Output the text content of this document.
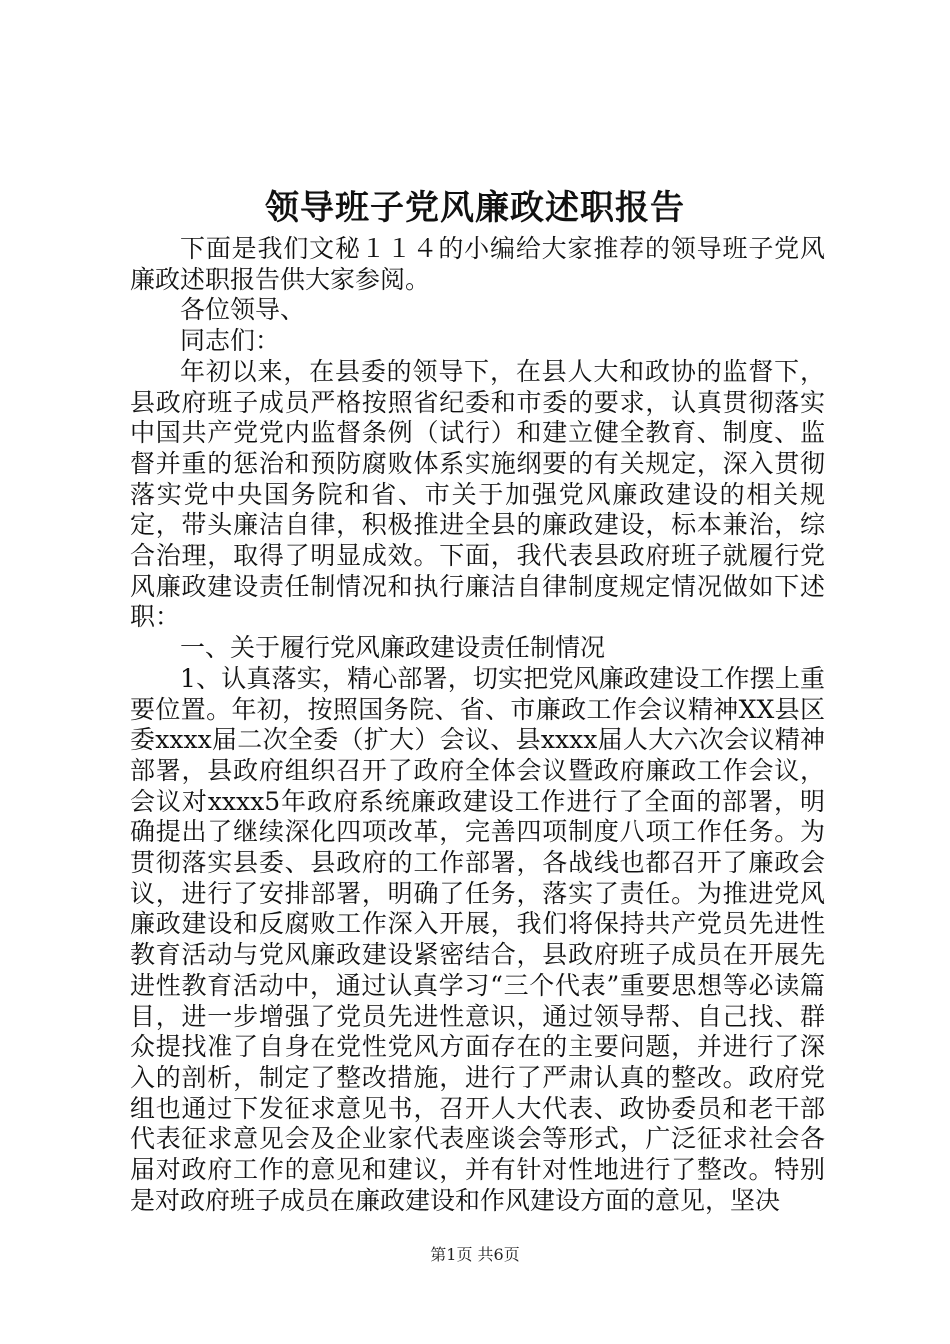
领导班子党风廉政述职报告

下面是我们文秘１１４的小编给大家推荐的领导班子党风廉政述职报告供大家参阅。

各位领导、

同志们：

年初以来，在县委的领导下，在县人大和政协的监督下，县政府班子成员严格按照省纪委和市委的要求，认真贯彻落实中国共产党党内监督条例（试行）和建立健全教育、制度、监督并重的惩治和预防腐败体系实施纲要的有关规定，深入贯彻落实党中央国务院和省、市关于加强党风廉政建设的相关规定，带头廉洁自律，积极推进全县的廉政建设，标本兼治，综合治理，取得了明显成效。下面，我代表县政府班子就履行党风廉政建设责任制情况和执行廉洁自律制度规定情况做如下述职：

一、关于履行党风廉政建设责任制情况

1、认真落实，精心部署，切实把党风廉政建设工作摆上重要位置。年初，按照国务院、省、市廉政工作会议精神XX县区委xxxx届二次全委（扩大）会议、县xxxx届人大六次会议精神部署，县政府组织召开了政府全体会议暨政府廉政工作会议，会议对xxxx5年政府系统廉政建设工作进行了全面的部署，明确提出了继续深化四项改革，完善四项制度八项工作任务。为贯彻落实县委、县政府的工作部署，各战线也都召开了廉政会议，进行了安排部署，明确了任务，落实了责任。为推进党风廉政建设和反腐败工作深入开展，我们将保持共产党员先进性教育活动与党风廉政建设紧密结合，县政府班子成员在开展先进性教育活动中，通过认真学习“三个代表”重要思想等必读篇目，进一步增强了党员先进性意识，通过领导帮、自己找、群众提找准了自身在党性党风方面存在的主要问题，并进行了深入的剖析，制定了整改措施，进行了严肃认真的整改。政府党组也通过下发征求意见书，召开人大代表、政协委员和老干部代表征求意见会及企业家代表座谈会等形式，广泛征求社会各届对政府工作的意见和建议，并有针对性地进行了整改。特别是对政府班子成员在廉政建设和作风建设方面的意见，坚决

第1页 共6页
